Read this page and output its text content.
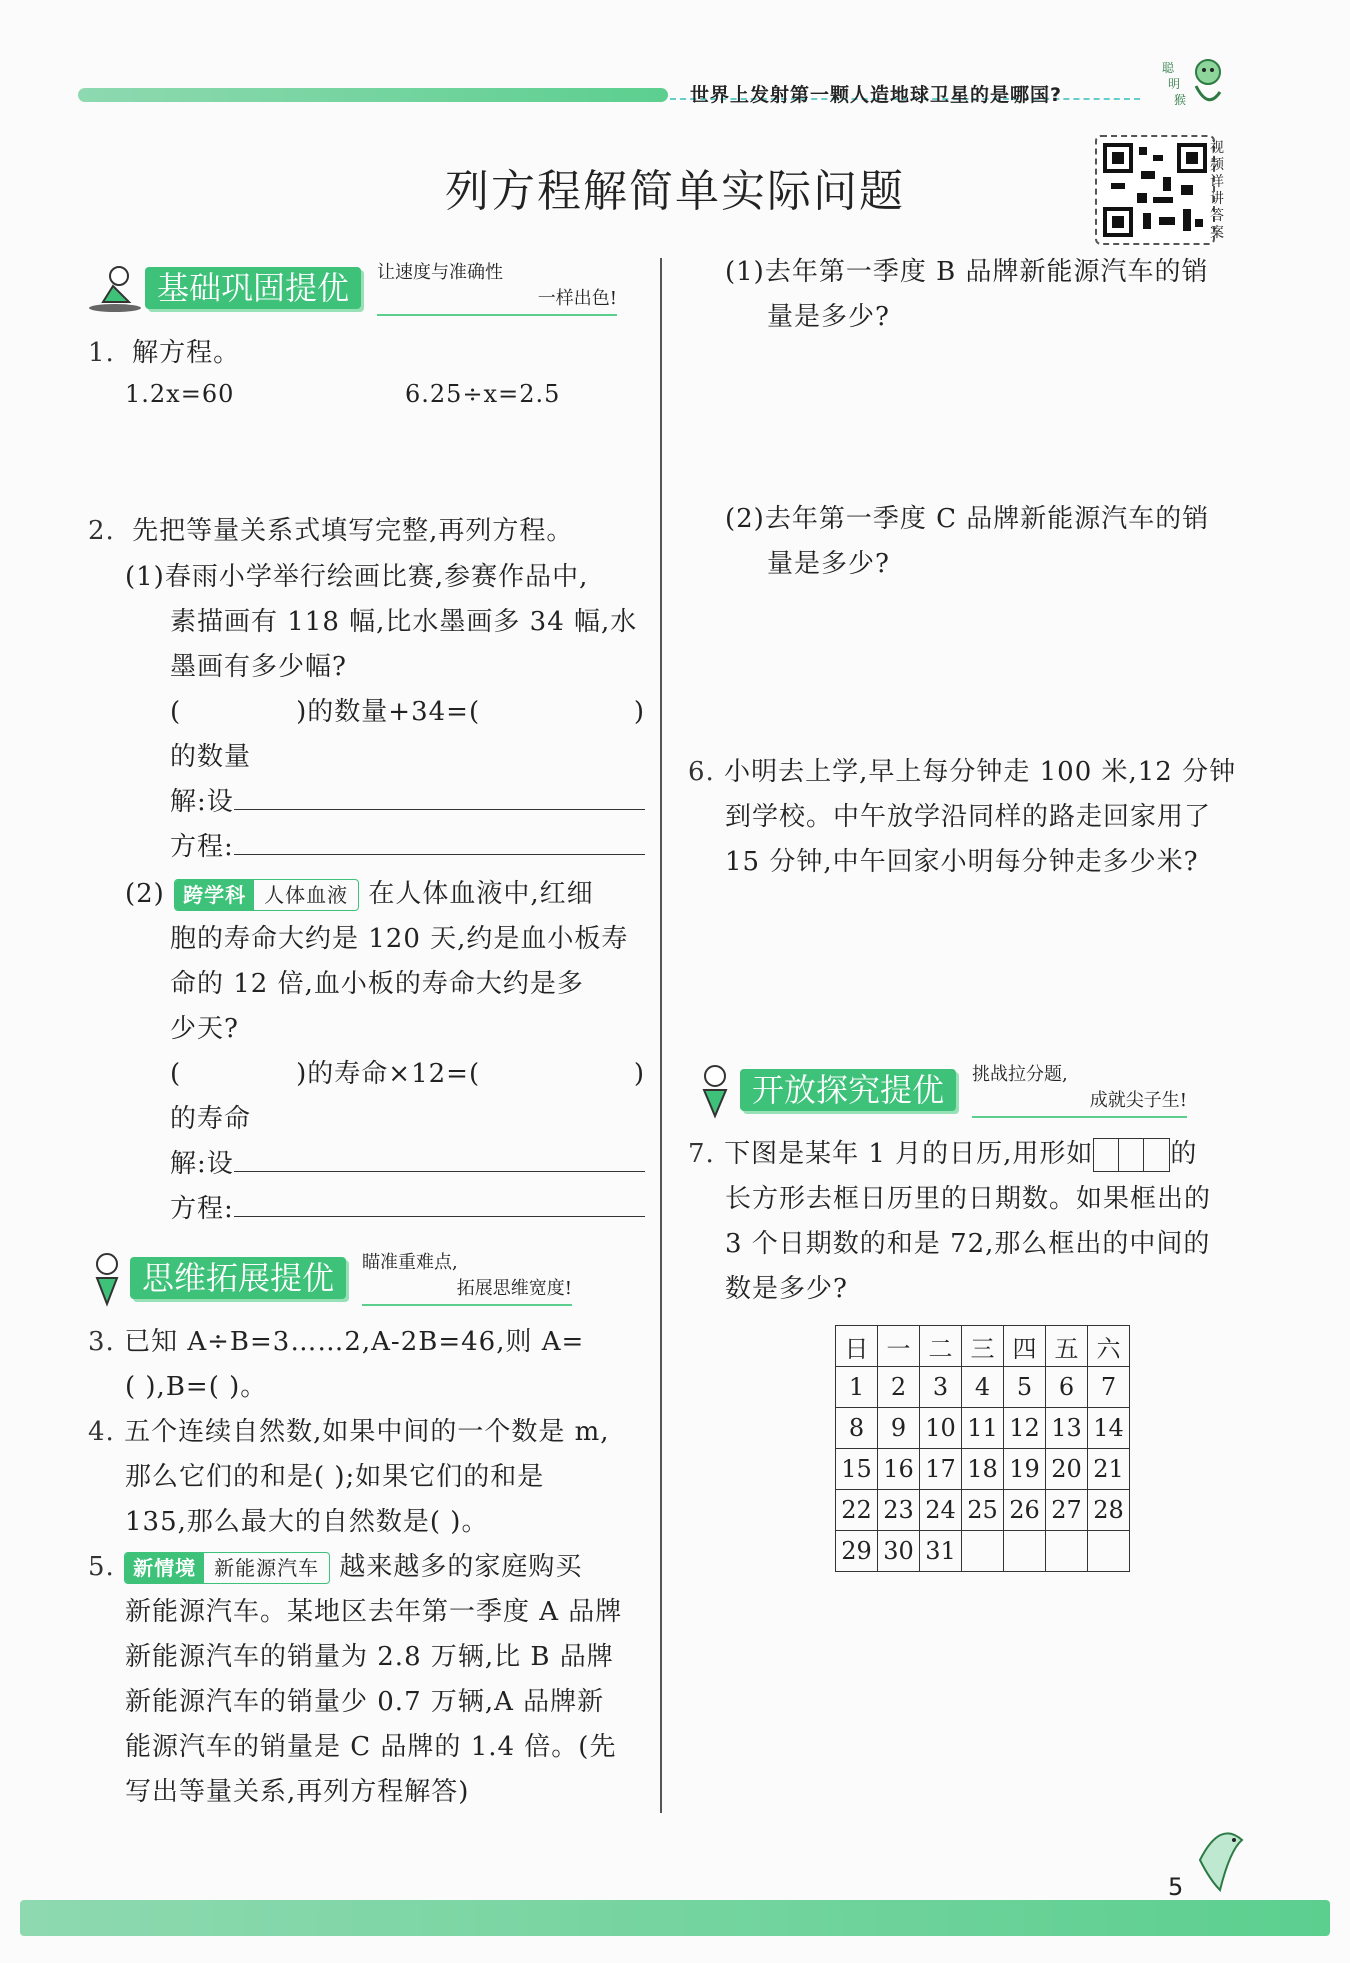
世界上发射第一颗人造地球卫星的是哪国?
聪
明
猴
列方程解简单实际问题
视频详讲答案
基础巩固提优	让速度与准确性
一样出色!
1. 解方程。
1.2x=60	6.25÷x=2.5
2. 先把等量关系式填写完整,再列方程。
(1)春雨小学举行绘画比赛,参赛作品中,
素描画有 118 幅,比水墨画多 34 幅,水
墨画有多少幅?
(	)的数量+34=(	)
的数量
解:设
方程:
(2) 跨学科 人体血液 在人体血液中,红细
胞的寿命大约是 120 天,约是血小板寿
命的 12 倍,血小板的寿命大约是多
少天?
(	)的寿命×12=(	)
的寿命
解:设
方程:
思维拓展提优	瞄准重难点,
拓展思维宽度!
3. 已知 A÷B=3……2,A-2B=46,则 A=
( ),B=( )。
4. 五个连续自然数,如果中间的一个数是 m,
那么它们的和是( );如果它们的和是
135,那么最大的自然数是( )。
5. 新情境 新能源汽车 越来越多的家庭购买
新能源汽车。某地区去年第一季度 A 品牌
新能源汽车的销量为 2.8 万辆,比 B 品牌
新能源汽车的销量少 0.7 万辆,A 品牌新
能源汽车的销量是 C 品牌的 1.4 倍。(先
写出等量关系,再列方程解答)
(1)去年第一季度 B 品牌新能源汽车的销
量是多少?
(2)去年第一季度 C 品牌新能源汽车的销
量是多少?
6. 小明去上学,早上每分钟走 100 米,12 分钟
到学校。中午放学沿同样的路走回家用了
15 分钟,中午回家小明每分钟走多少米?
开放探究提优	挑战拉分题,
成就尖子生!
7. 下图是某年 1 月的日历,用形如	的
长方形去框日历里的日期数。如果框出的
3 个日期数的和是 72,那么框出的中间的
数是多少?
日	一	二	三	四	五	六
1	2	3	4	5	6	7
8	9	10	11	12	13	14
15	16	17	18	19	20	21
22	23	24	25	26	27	28
29	30	31				
5
